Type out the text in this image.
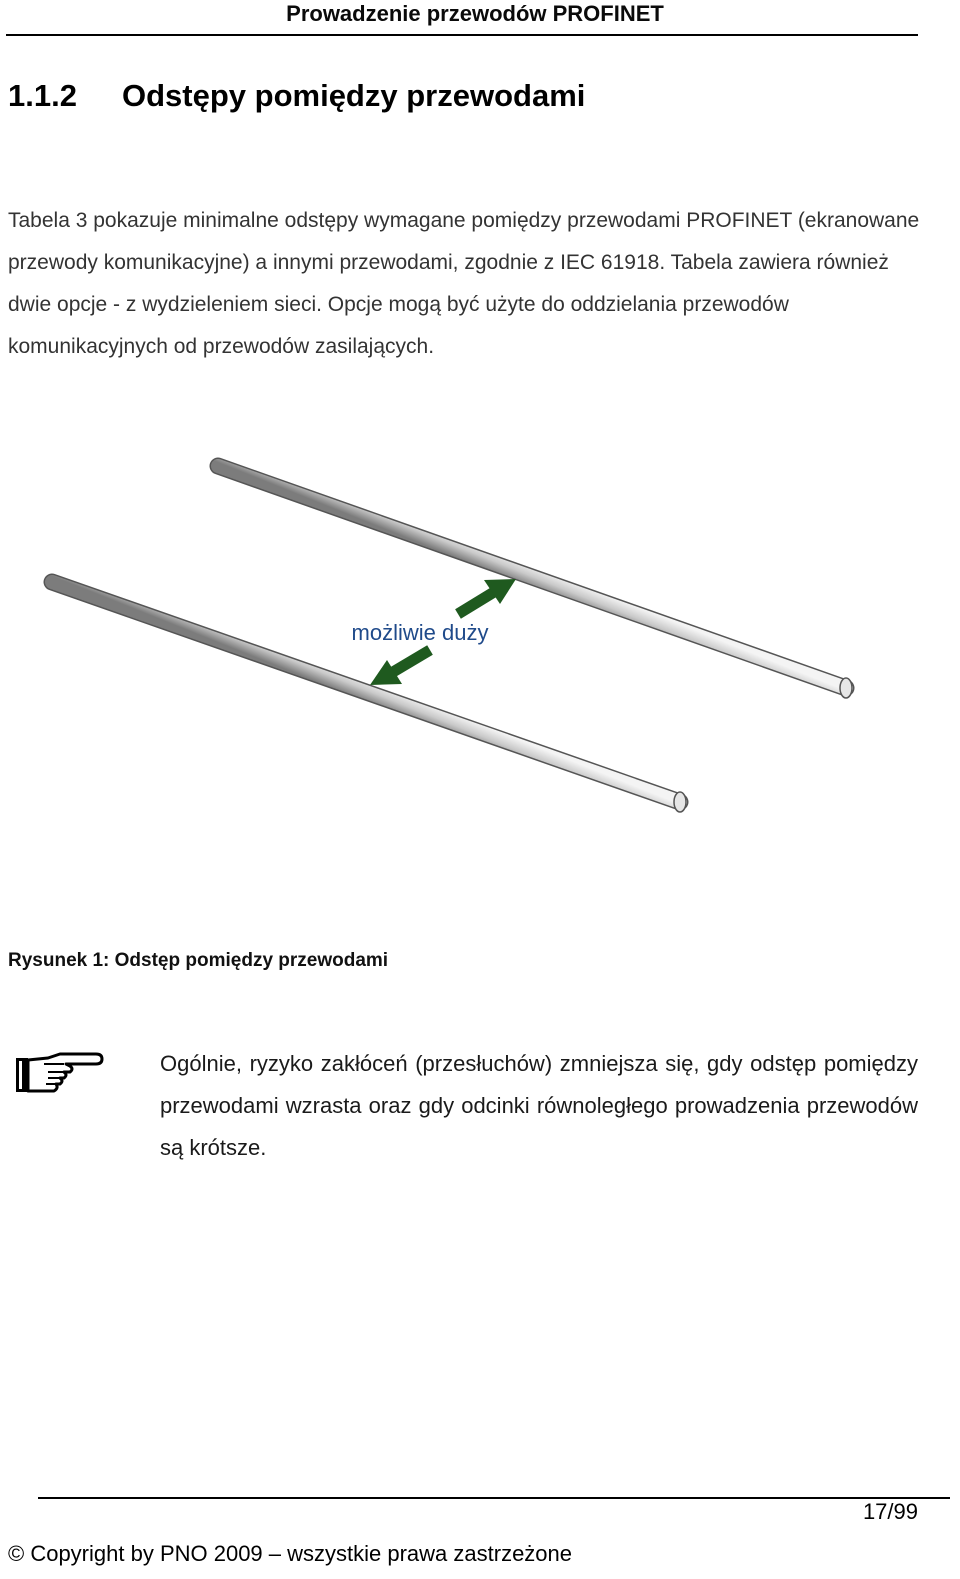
Prowadzenie przewodów PROFINET
1.1.2 Odstępy pomiędzy przewodami
Tabela 3 pokazuje minimalne odstępy wymagane pomiędzy przewodami PROFINET (ekranowane przewody komunikacyjne) a innymi przewodami, zgodnie z IEC 61918. Tabela zawiera również dwie opcje - z wydzieleniem sieci. Opcje mogą być użyte do oddzielania przewodów komunikacyjnych od przewodów zasilających.
możliwie duży
Rysunek 1: Odstęp pomiędzy przewodami
Ogólnie, ryzyko zakłóceń (przesłuchów) zmniejsza się, gdy odstęp pomiędzy przewodami wzrasta oraz gdy odcinki równoległego prowadzenia przewodów są krótsze.
17/99
© Copyright by PNO 2009 – wszystkie prawa zastrzeżone
